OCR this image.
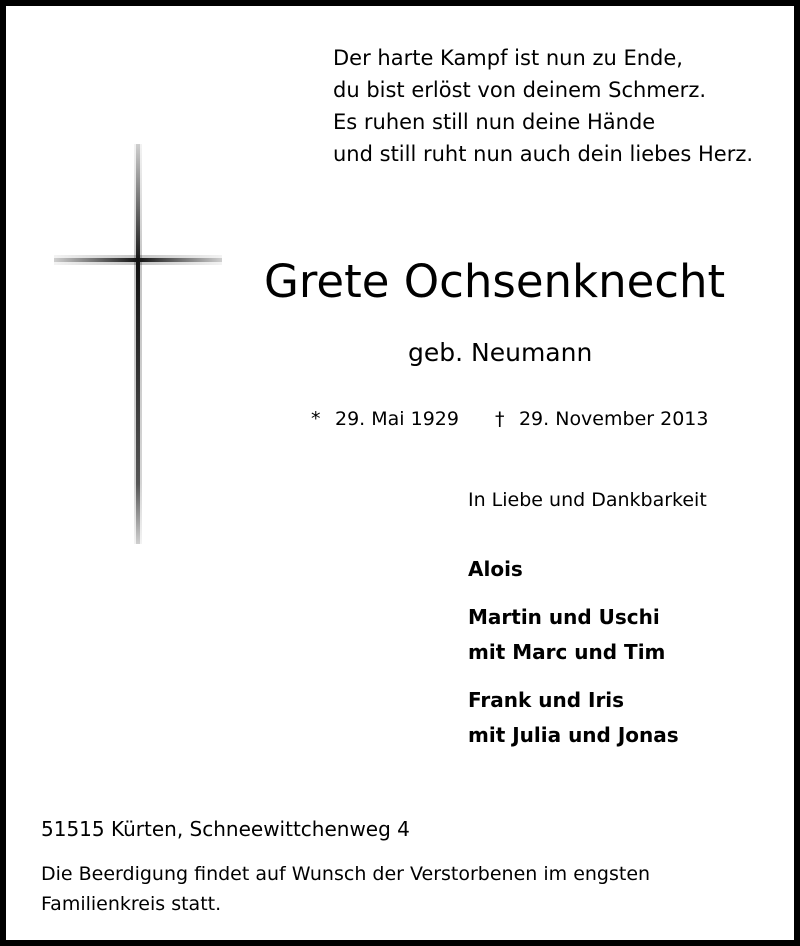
Der harte Kampf ist nun zu Ende,
du bist erlöst von deinem Schmerz.
Es ruhen still nun deine Hände
und still ruht nun auch dein liebes Herz.
Grete Ochsenknecht
geb. Neumann
* 29. Mai 1929 † 29. November 2013
In Liebe und Dankbarkeit
Alois
Martin und Uschi
mit Marc und Tim
Frank und Iris
mit Julia und Jonas
51515 Kürten, Schneewittchenweg 4
Die Beerdigung findet auf Wunsch der Verstorbenen im engsten
Familienkreis statt.
